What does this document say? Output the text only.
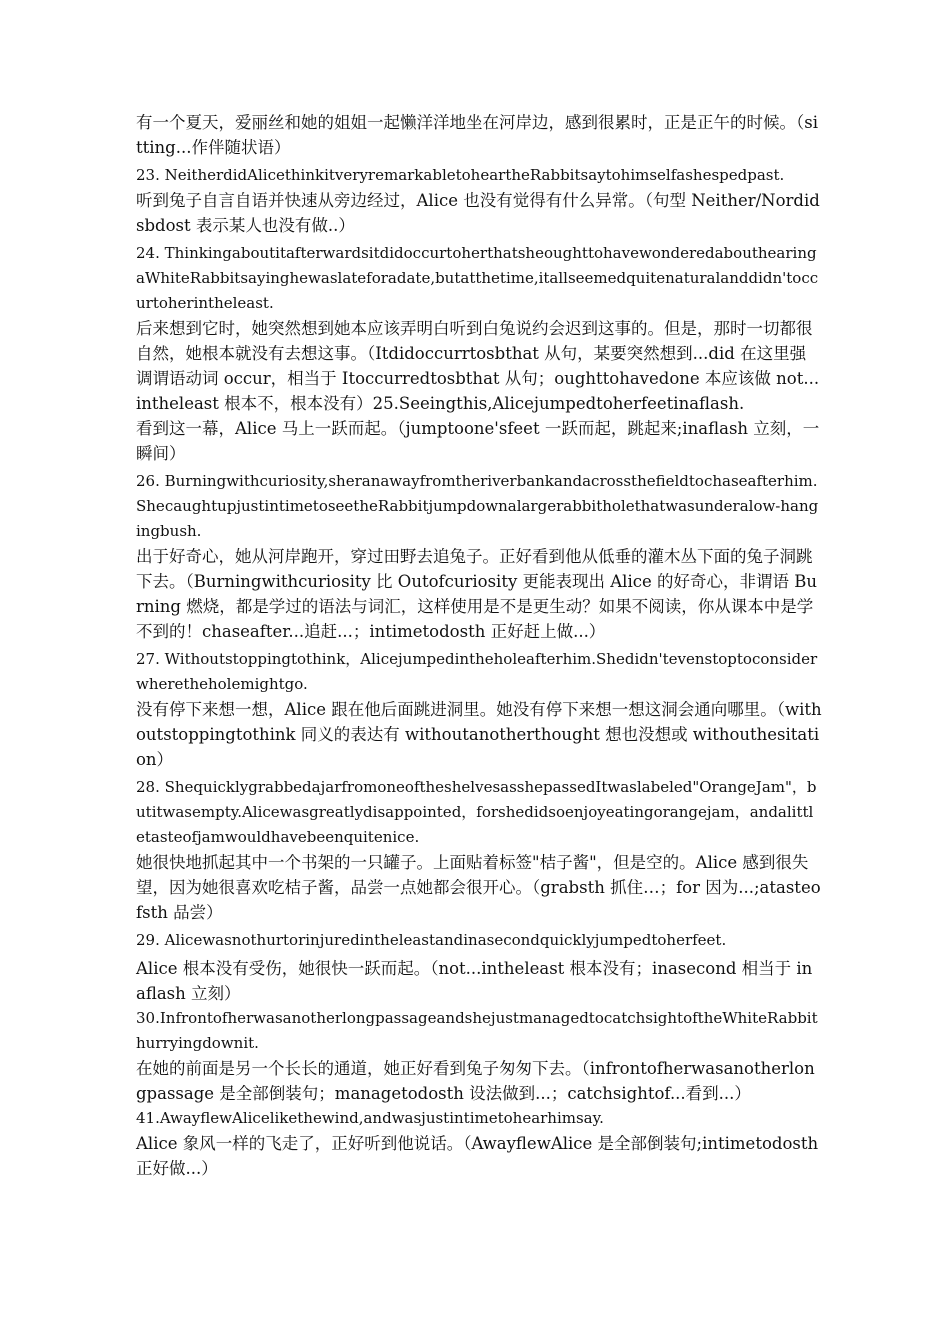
有一个夏天，爱丽丝和她的姐姐一起懒洋洋地坐在河岸边，感到很累时，正是正午的时候。（sitting...作伴随状语）

23. NeitherdidAlicethinkitveryremarkabletoheartheRabbitsaytohimselfashespedpast.

听到兔子自言自语并快速从旁边经过，Alice 也没有觉得有什么异常。（句型 Neither/Nordidsbdost 表示某人也没有做..）

24. ThinkingaboutitafterwardsitdidoccurtoherthatsheoughttohavewonderedabouthearingaWhiteRabbitsayinghewaslateforadate,butatthetime,itallseemedquitenaturalanddidn'toccurtoherintheleast.

后来想到它时，她突然想到她本应该弄明白听到白兔说约会迟到这事的。但是，那时一切都很自然，她根本就没有去想这事。（Itdidoccurrtosbthat 从句，某要突然想到...did 在这里强调谓语动词 occur，相当于 Itoccurredtosbthat 从句；oughttohavedone 本应该做 not...intheleast 根本不，根本没有）25.Seeingthis,Alicejumpedtoherfeetinaflash.

看到这一幕，Alice 马上一跃而起。（jumptoone'sfeet 一跃而起，跳起来;inaflash 立刻，一瞬间）

26. Burningwithcuriosity,sheranawayfromtheriverbankandacrossthefieldtochaseafterhim.ShecaughtupjustintimetoseetheRabbitjumpdownalargerabbitholethatwasunderalow-hangingbush.

出于好奇心，她从河岸跑开，穿过田野去追兔子。正好看到他从低垂的灌木丛下面的兔子洞跳下去。（Burningwithcuriosity 比 Outofcuriosity 更能表现出 Alice 的好奇心，非谓语 Burning 燃烧，都是学过的语法与词汇，这样使用是不是更生动？如果不阅读，你从课本中是学不到的！chaseafter...追赶...；intimetodosth 正好赶上做...）

27. Withoutstoppingtothink，Alicejumpedintheholeafterhim.Shedidn'tevenstoptoconsiderwheretheholemightgo.

没有停下来想一想，Alice 跟在他后面跳进洞里。她没有停下来想一想这洞会通向哪里。（withoutstoppingtothink 同义的表达有 withoutanotherthought 想也没想或 withouthesitation）

28. ShequicklygrabbedajarfromoneoftheshelvesasshepassedItwaslabeled"OrangeJam"，butitwasempty.Alicewasgreatlydisappointed，forshedidsoenjoyeatingorangejam，andalittletasteofjamwouldhavebeenquitenice.

她很快地抓起其中一个书架的一只罐子。上面贴着标签"桔子酱"，但是空的。Alice 感到很失望，因为她很喜欢吃桔子酱，品尝一点她都会很开心。（grabsth 抓住…；for 因为...;atasteofsth 品尝）

29. Alicewasnothurtorinjuredintheleastandinasecondquicklyjumpedtoherfeet.

Alice 根本没有受伤，她很快一跃而起。（not...intheleast 根本没有；inasecond 相当于 inaflash 立刻）

30.InfrontofherwasanotherlongpassageandshejustmanagedtocatchsightoftheWhiteRabbithurryingdownit.

在她的前面是另一个长长的通道，她正好看到兔子匆匆下去。（infrontofherwasanotherlongpassage 是全部倒装句；managetodosth 设法做到...；catchsightof...看到...）

41.AwayflewAlicelikethewind,andwasjustintimetohearhimsay.

Alice 象风一样的飞走了，正好听到他说话。（AwayflewAlice 是全部倒装句;intimetodosth 正好做...）
